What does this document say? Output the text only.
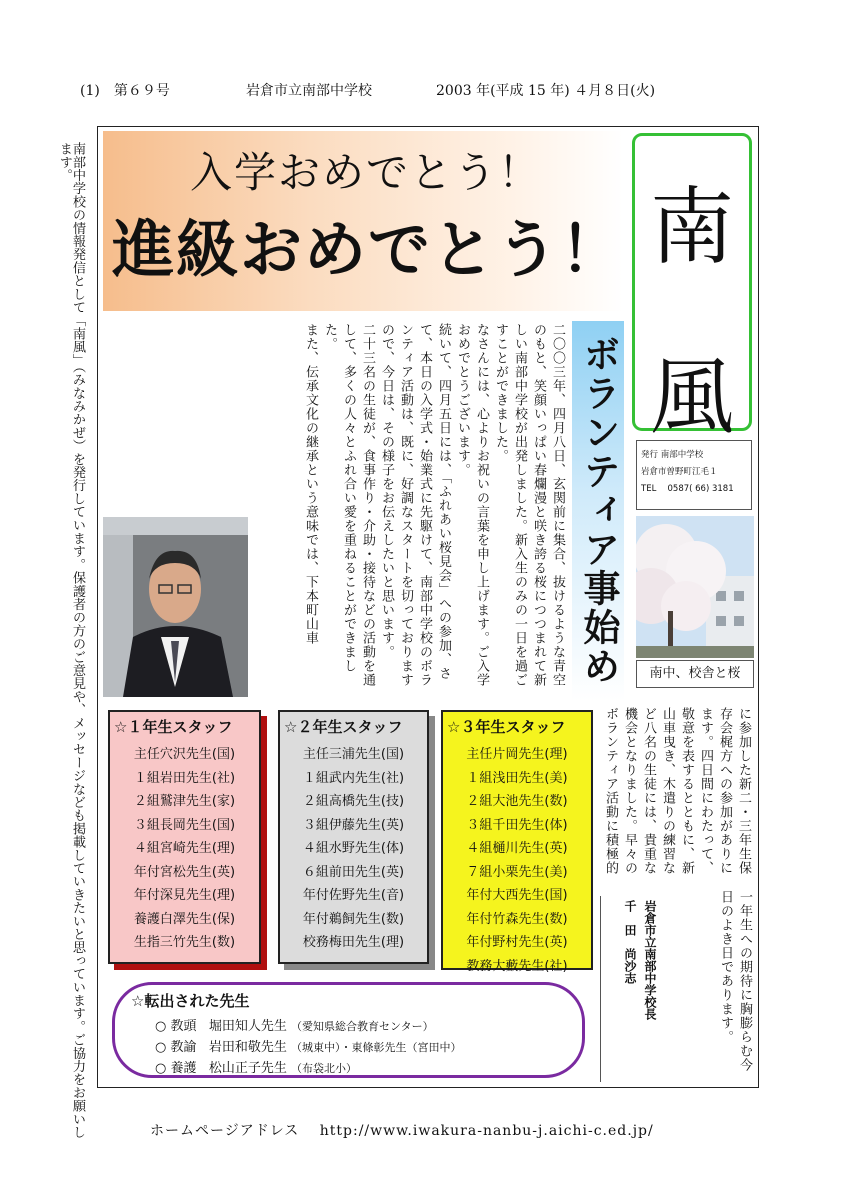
(1)　第６９号	岩倉市立南部中学校	2003 年(平成 15 年) ４月８日(火)
南部中学校の情報発信として「南風」（みなみかぜ）を発行しています。保護者の方のご意見や、メッセージなども掲載していきたいと思っています。ご協力をお願いします。	入学おめでとう！
進級おめでとう！ 南
風
発行 南部中学校
岩倉市曽野町江毛１
TEL　 0587( 66) 3181
南中、校舎と桜
ボランティア事始め

二〇〇三年、四月八日、玄関前に集合、抜けるような青空のもと、笑顔いっぱい春爛漫と咲き誇る桜につつまれて新しい南部中学校が出発しました。新入生のみの一日を過ごすことができました。

なさんには、心よりお祝いの言葉を申し上げます。ご入学おめでとうございます。

続いて、四月五日には、「ふれあい桜見会」への参加、さて、本日の入学式・始業式に先駆けて、南部中学校のボランティア活動は、既に、好調なスタートを切っておりますので、今日は、その様子をお伝えしたいと思います。

二十三名の生徒が、食事作り・介助・接待などの活動を通して、多くの人々とふれ合い愛を重ねることができました。

また、伝承文化の継承という意味では、下本町山車

☆１年生スタッフ
主任穴沢先生(国)
１組岩田先生(社)
２組鷲津先生(家)
３組長岡先生(国)
４組宮崎先生(理)
年付宮松先生(英)
年付深見先生(理)
養護白澤先生(保)
生指三竹先生(数)
☆２年生スタッフ
主任三浦先生(国)
１組武内先生(社)
２組高橋先生(技)
３組伊藤先生(英)
４組水野先生(体)
６組前田先生(英)
年付佐野先生(音)
年付鵜飼先生(数)
校務梅田先生(理)
☆３年生スタッフ
主任片岡先生(理)
１組浅田先生(美)
２組大池先生(数)
３組千田先生(体)
４組樋川先生(英)
７組小栗先生(美)
年付大西先生(国)
年付竹森先生(数)
年付野村先生(英)
教務大藪先生(社)
に参加した新二・三年生保存会梶方への参加がありに ます。四日間にわたって、敬意を表するとともに、新 山車曳き、木遣りの練習など八名の生徒には、貴重な 機会となりました。早々の ボランティア活動に積極的
一年生への期待に胸膨らむ今日のよき日であります。
岩倉市立南部中学校長
千　田　尚沙志
☆転出された先生
○ 教頭 堀田知人先生 （愛知県総合教育センター）
○ 教諭 岩田和敬先生 （城東中）・東條彰先生（宮田中）
○ 養護 松山正子先生 （布袋北小）
ホームページアドレス　 http://www.iwakura-nanbu-j.aichi-c.ed.jp/
